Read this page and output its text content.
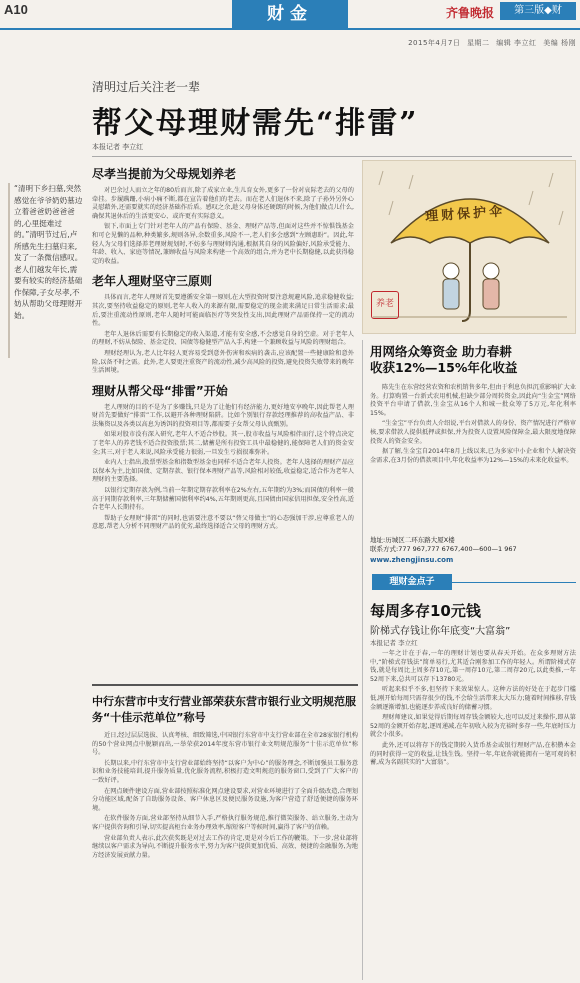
A10	财金	齐鲁晚报	第三版◆财
2015年4月7日 星期二 编辑 李立红 美编 杨刚
清明过后关注老一辈
帮父母理财需先“排雷”
本报记者 李立红
“清明下乡扫墓,突然感觉在爷爷奶奶墓边立着爸爸奶爸爸爸的,心里挺难过的。”清明节过后,卢所感先生扫墓归来,发了一条微信感叹。老人们越发年长,需要有较实的经济基础作保障,子女尽孝,不妨从帮助父母理财开始。
尽孝当提前为父母规划养老

对巴余过人而立之年的80后而言,除了成家立业,生儿育女外,更多了一份对哀际老去的父母的牵挂。步履蹒跚,小病小痛不断,都在宣告着他们的老去。而在老人们退休不来,除了子孙外另外心灵慰藉外,还需要就实的经济基础作后盾。感叹之余,趁父母身体还硬朗的时候,为他们做点儿什么,确保其退休后的生活更安心、或许更有实际意义。

银下,市面上专门针对老年人的产品有保险、基金、理财产品等,但面对这些并不惊惧钱基金和可仑见懒的品种,种类繁多,规则各异,余数重多,风险不一,老人们多会感到“左顾惠盼”。因此,年轻人为父母们选择养老理财规划时,不妨多与理财师沟通,根据其自身的风险偏好,风险承受能力、年龄、收入、家庭等情况,兼顾收益与风险来构建一个高效的组合,并为老中长期稳健,以此获得稳定的收益。

老年人理财坚守三原则

具体而言,老年人理财首先要遵循安全第一原则,在大型投资时要注意规避风险,追求稳健收益;其次,要坚持收益稳定的原则,老年人收入的来源有限,需要稳定的现金流来满足日常生活需求;最后,要注重流动性原则,老年人随时可能面临医疗等突发性支出,因此理财产品需保持一定的流动性。

老年人退休后需要有长期稳定的收入渠道,才能有安全感,不会感觉自身的空虚。对于老年人的理财,不妨从保险、基金定投、国债等稳健型产品入手,构建一个兼顾收益与风险的理财组合。

理财经理认为,老人比年轻人更容易受到意外伤害和疾病的袭击,应该配置一些健康险和意外险,以备不时之需。此外,老人要更注重资产的流动性,减少高风险的投资,避免投资失败带来的晚年生活困境。

理财从帮父母“排雷”开始

老人理财的目的不是为了多赚钱,只是为了让他们有经济能力,更好地安享晚年,因此帮老人理财首先要做好“排雷”工作,以避开各种理财陷阱。比如个别银行存款经理推荐的高收益产品、非法集资以及各类以高息为诱饵的投资项目等,都需要子女帮父母认真甄别。

如果对股市没有深入研究,老年人不适合炒股。其一,股市收益与风险相伴而行,这个特点决定了老年人的养老钱不适合投资股票;其二,储蓄是所有投资工具中最稳健的,能保障老人们的资金安全;其三,对于老人来说,风险承受能力很弱,一旦发生亏损很难弥补。

业内人士指出,股票型基金和指数型基金也同样不适合老年人投资。老年人选择的理财产品应以保本为主,比如国债、定期存款、银行保本理财产品等,风险相对较低,收益稳定,适合作为老年人理财的主要选择。

以银行定期存款为例,当前一年期定期存款利率在2%左右,五年期约为3%;而国债的利率一般高于同期存款利率,三年期储蓄国债利率约4%,五年期则更高,且国债由国家信用担保,安全性高,适合老年人长期持有。

帮助子女理财“排雷”的同时,也需要注意不要以“替父母做主”的心态强加干涉,应尊重老人的意愿,帮老人分析不同理财产品的优劣,最终选择适合父母的理财方式。

理财保护伞
养老
用网络众筹资金 助力春耕
收获12%—15%年化收益

陈先生在东营经营农资和农机销售多年,但由于利息负担沉重影响扩大业务。打算购置一台新式农用机械,但缺少部分周转资金,因此向“生金宝”网络投资平台申请了借款,生金宝从16个人和城一批众筹了5万元,年化利率15%。

“生金宝”平台负责人介绍说,平台对借款人的身份、资产情况进行严格审核,要求借款人提供抵押或担保,并为投资人设置风险保障金,最大限度地保障投资人的资金安全。

据了解,生金宝自2014年8月上线以来,已为多家中小企业和个人解决资金需求,在3月份的借款项目中,年化收益率为12%—15%的未来化收益率。

地址:历城区二环东路大厦X楼
联系方式:777 967,777 6767,400—600—1 967
www.zhengjinsu.com
理财金点子
每周多存10元钱
阶梯式存钱让你年底变“大富翁”
本报记者 李立红

一年之计在于春,一年的理财计划也要从春天开始。在众多理财方法中,“阶梯式存钱法”简单易行,尤其适合刚参加工作的年轻人。所谓阶梯式存钱,就是每周比上周多存10元,第一周存10元,第二周存20元,以此类推,一年52周下来,总共可以存下13780元。

听起来似乎不多,但坚持下来效果惊人。这种方法的好处在于起步门槛低,刚开始每周只需存很少的钱,不会给生活带来太大压力;随着时间推移,存钱金额逐渐增加,也能逐步养成良好的储蓄习惯。

理财师建议,如果觉得后期每周存钱金额较大,也可以反过来操作,即从第52周的金额开始存起,逐周递减,在年初收入较为充裕时多存一些,年底时压力就会小很多。

此外,还可以将存下的钱定期转入货币基金或银行理财产品,在积攒本金的同时获得一定的收益,让钱生钱。坚持一年,年底你就能拥有一笔可观的积蓄,成为名副其实的“大富翁”。

中行东营市中支行营业部荣获东营市银行业文明规范服务“十佳示范单位”称号

近日,经过层层选拔、认真考核、细致筛选,中国银行东营市中支行营业部在全市28家银行机构的50个营业网点中脱颖而出,一举荣获2014年度东营市银行业文明规范服务“十佳示范单位”称号。

长期以来,中行东营市中支行营业部始终坚持“以客户为中心”的服务理念,不断加强员工服务意识和业务技能培训,提升服务质量,优化服务流程,积极打造文明规范的服务窗口,受到了广大客户的一致好评。

在网点硬件建设方面,营业部按照标准化网点建设要求,对营业环境进行了全面升级改造,合理划分功能区域,配备了自助服务设备、客户休息区及便民服务设施,为客户营造了舒适便捷的服务环境。

在软件服务方面,营业部坚持从细节入手,严格执行服务规范,推行微笑服务、站立服务,主动为客户提供咨询和引导,切实提高柜台业务办理效率,缩短客户等候时间,赢得了客户的信赖。

营业部负责人表示,此次获奖既是对过去工作的肯定,更是对今后工作的鞭策。下一步,营业部将继续以客户需求为导向,不断提升服务水平,努力为客户提供更加优质、高效、便捷的金融服务,为地方经济发展贡献力量。
